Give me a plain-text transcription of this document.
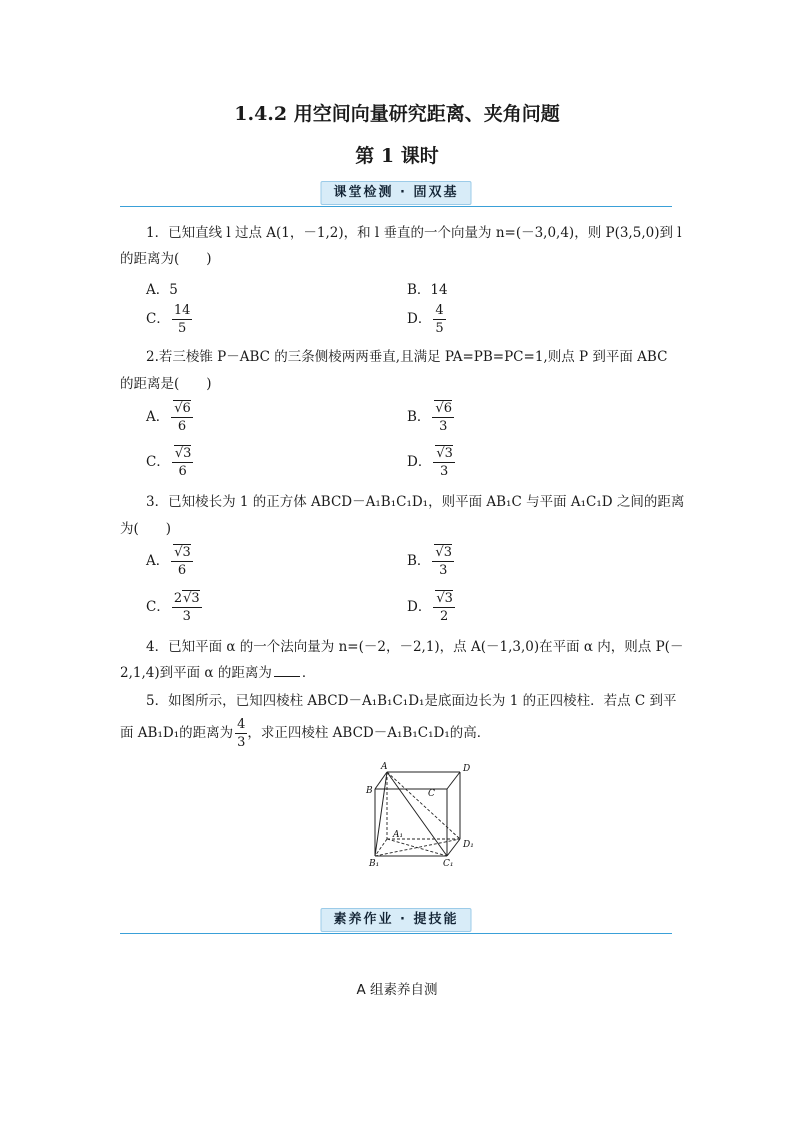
1.4.2 用空间向量研究距离、夹角问题
第 1 课时
课堂检测 · 固双基
1．已知直线 l 过点 A(1，－1,2)，和 l 垂直的一个向量为 n=(－3,0,4)，则 P(3,5,0)到 l
的距离为(　　)
A．5	B．14
C． $\frac{14}{5}$	D． $\frac{4}{5}$
2.若三棱锥 P－ABC 的三条侧棱两两垂直,且满足 PA=PB=PC=1,则点 P 到平面 ABC
的距离是(　　)
A． √ $\frac{6}{6}$	B． √ $\frac{6}{3}$
C． √ $\frac{3}{6}$	D． √ $\frac{3}{3}$
3．已知棱长为 1 的正方体 ABCD－A₁B₁C₁D₁，则平面 AB₁C 与平面 A₁C₁D 之间的距离
为(　　)
A． √ $\frac{3}{6}$	B． √ $\frac{3}{3}$
C． $\frac{2 √ 3}{3}$	D． √ $\frac{3}{2}$
4．已知平面 α 的一个法向量为 n=(－2，－2,1)，点 A(－1,3,0)在平面 α 内，则点 P(－
2,1,4)到平面 α 的距离为 ．
5．如图所示，已知四棱柱 ABCD－A₁B₁C₁D₁是底面边长为 1 的正四棱柱．若点 C 到平
面 AB₁D₁的距离为 $\frac{4}{3}$ ，求正四棱柱 ABCD－A₁B₁C₁D₁的高．
A	D
B	C
A₁
D₁
B₁	C₁
素养作业 · 提技能
A 组素养自测
